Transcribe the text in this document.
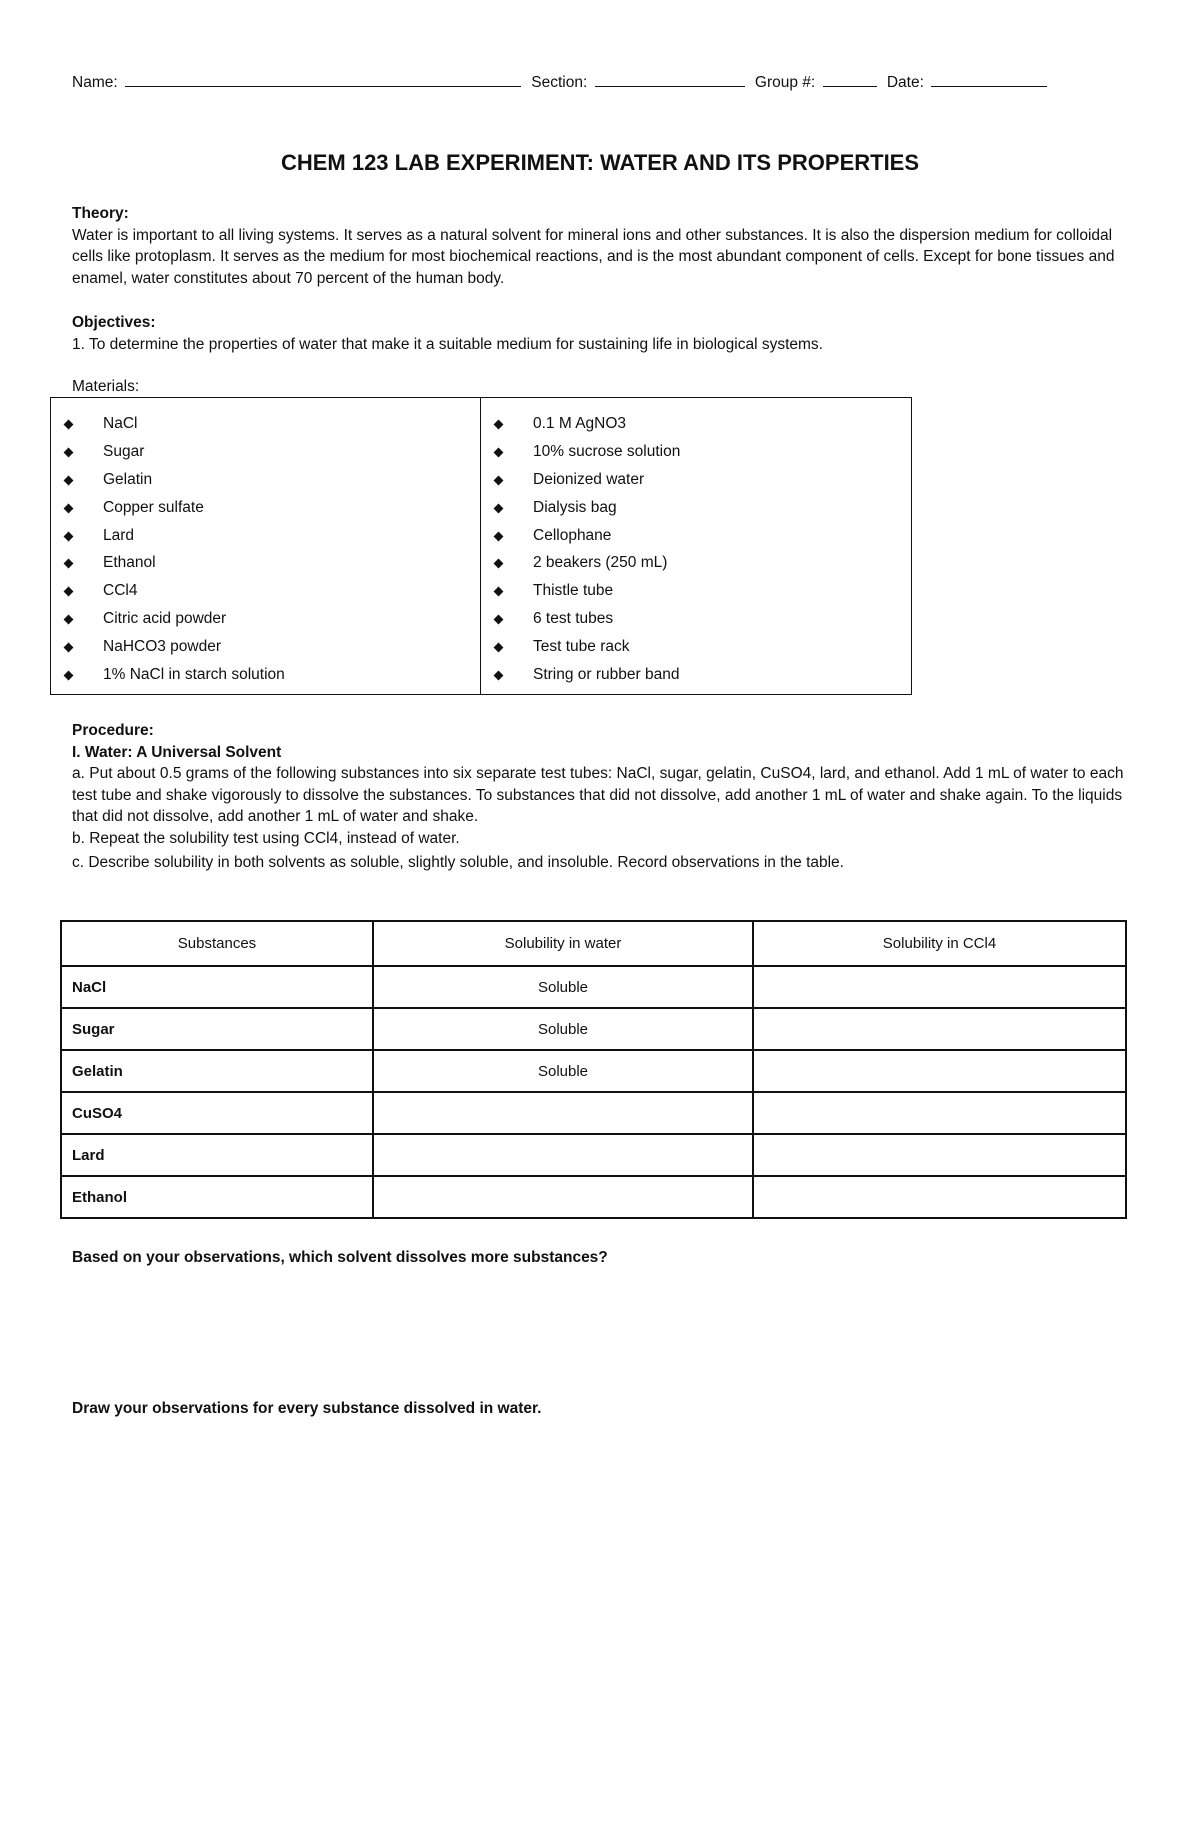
Name:	Section:	Group #:	Date:
CHEM 123 LAB EXPERIMENT: WATER AND ITS PROPERTIES
Theory:
Water is important to all living systems. It serves as a natural solvent for mineral ions and other substances. It is also the dispersion medium for colloidal cells like protoplasm. It serves as the medium for most biochemical reactions, and is the most abundant component of cells. Except for bone tissues and enamel, water constitutes about 70 percent of the human body.
Objectives:
1. To determine the properties of water that make it a suitable medium for sustaining life in biological systems.
Materials:
NaCl
Sugar
Gelatin
Copper sulfate
Lard
Ethanol
CCl4
Citric acid powder
NaHCO3 powder
1% NaCl in starch solution
0.1 M AgNO3
10% sucrose solution
Deionized water
Dialysis bag
Cellophane
2 beakers (250 mL)
Thistle tube
6 test tubes
Test tube rack
String or rubber band
Procedure:
I. Water: A Universal Solvent
a. Put about 0.5 grams of the following substances into six separate test tubes: NaCl, sugar, gelatin, CuSO4, lard, and ethanol. Add 1 mL of water to each test tube and shake vigorously to dissolve the substances. To substances that did not dissolve, add another 1 mL of water and shake again. To the liquids that did not dissolve, add another 1 mL of water and shake.
b. Repeat the solubility test using CCl4, instead of water.
c. Describe solubility in both solvents as soluble, slightly soluble, and insoluble. Record observations in the table.
Substances	Solubility in water	Solubility in CCl4
NaCl	Soluble	
Sugar	Soluble	
Gelatin	Soluble	
CuSO4		
Lard		
Ethanol		
Based on your observations, which solvent dissolves more substances?
Draw your observations for every substance dissolved in water.
